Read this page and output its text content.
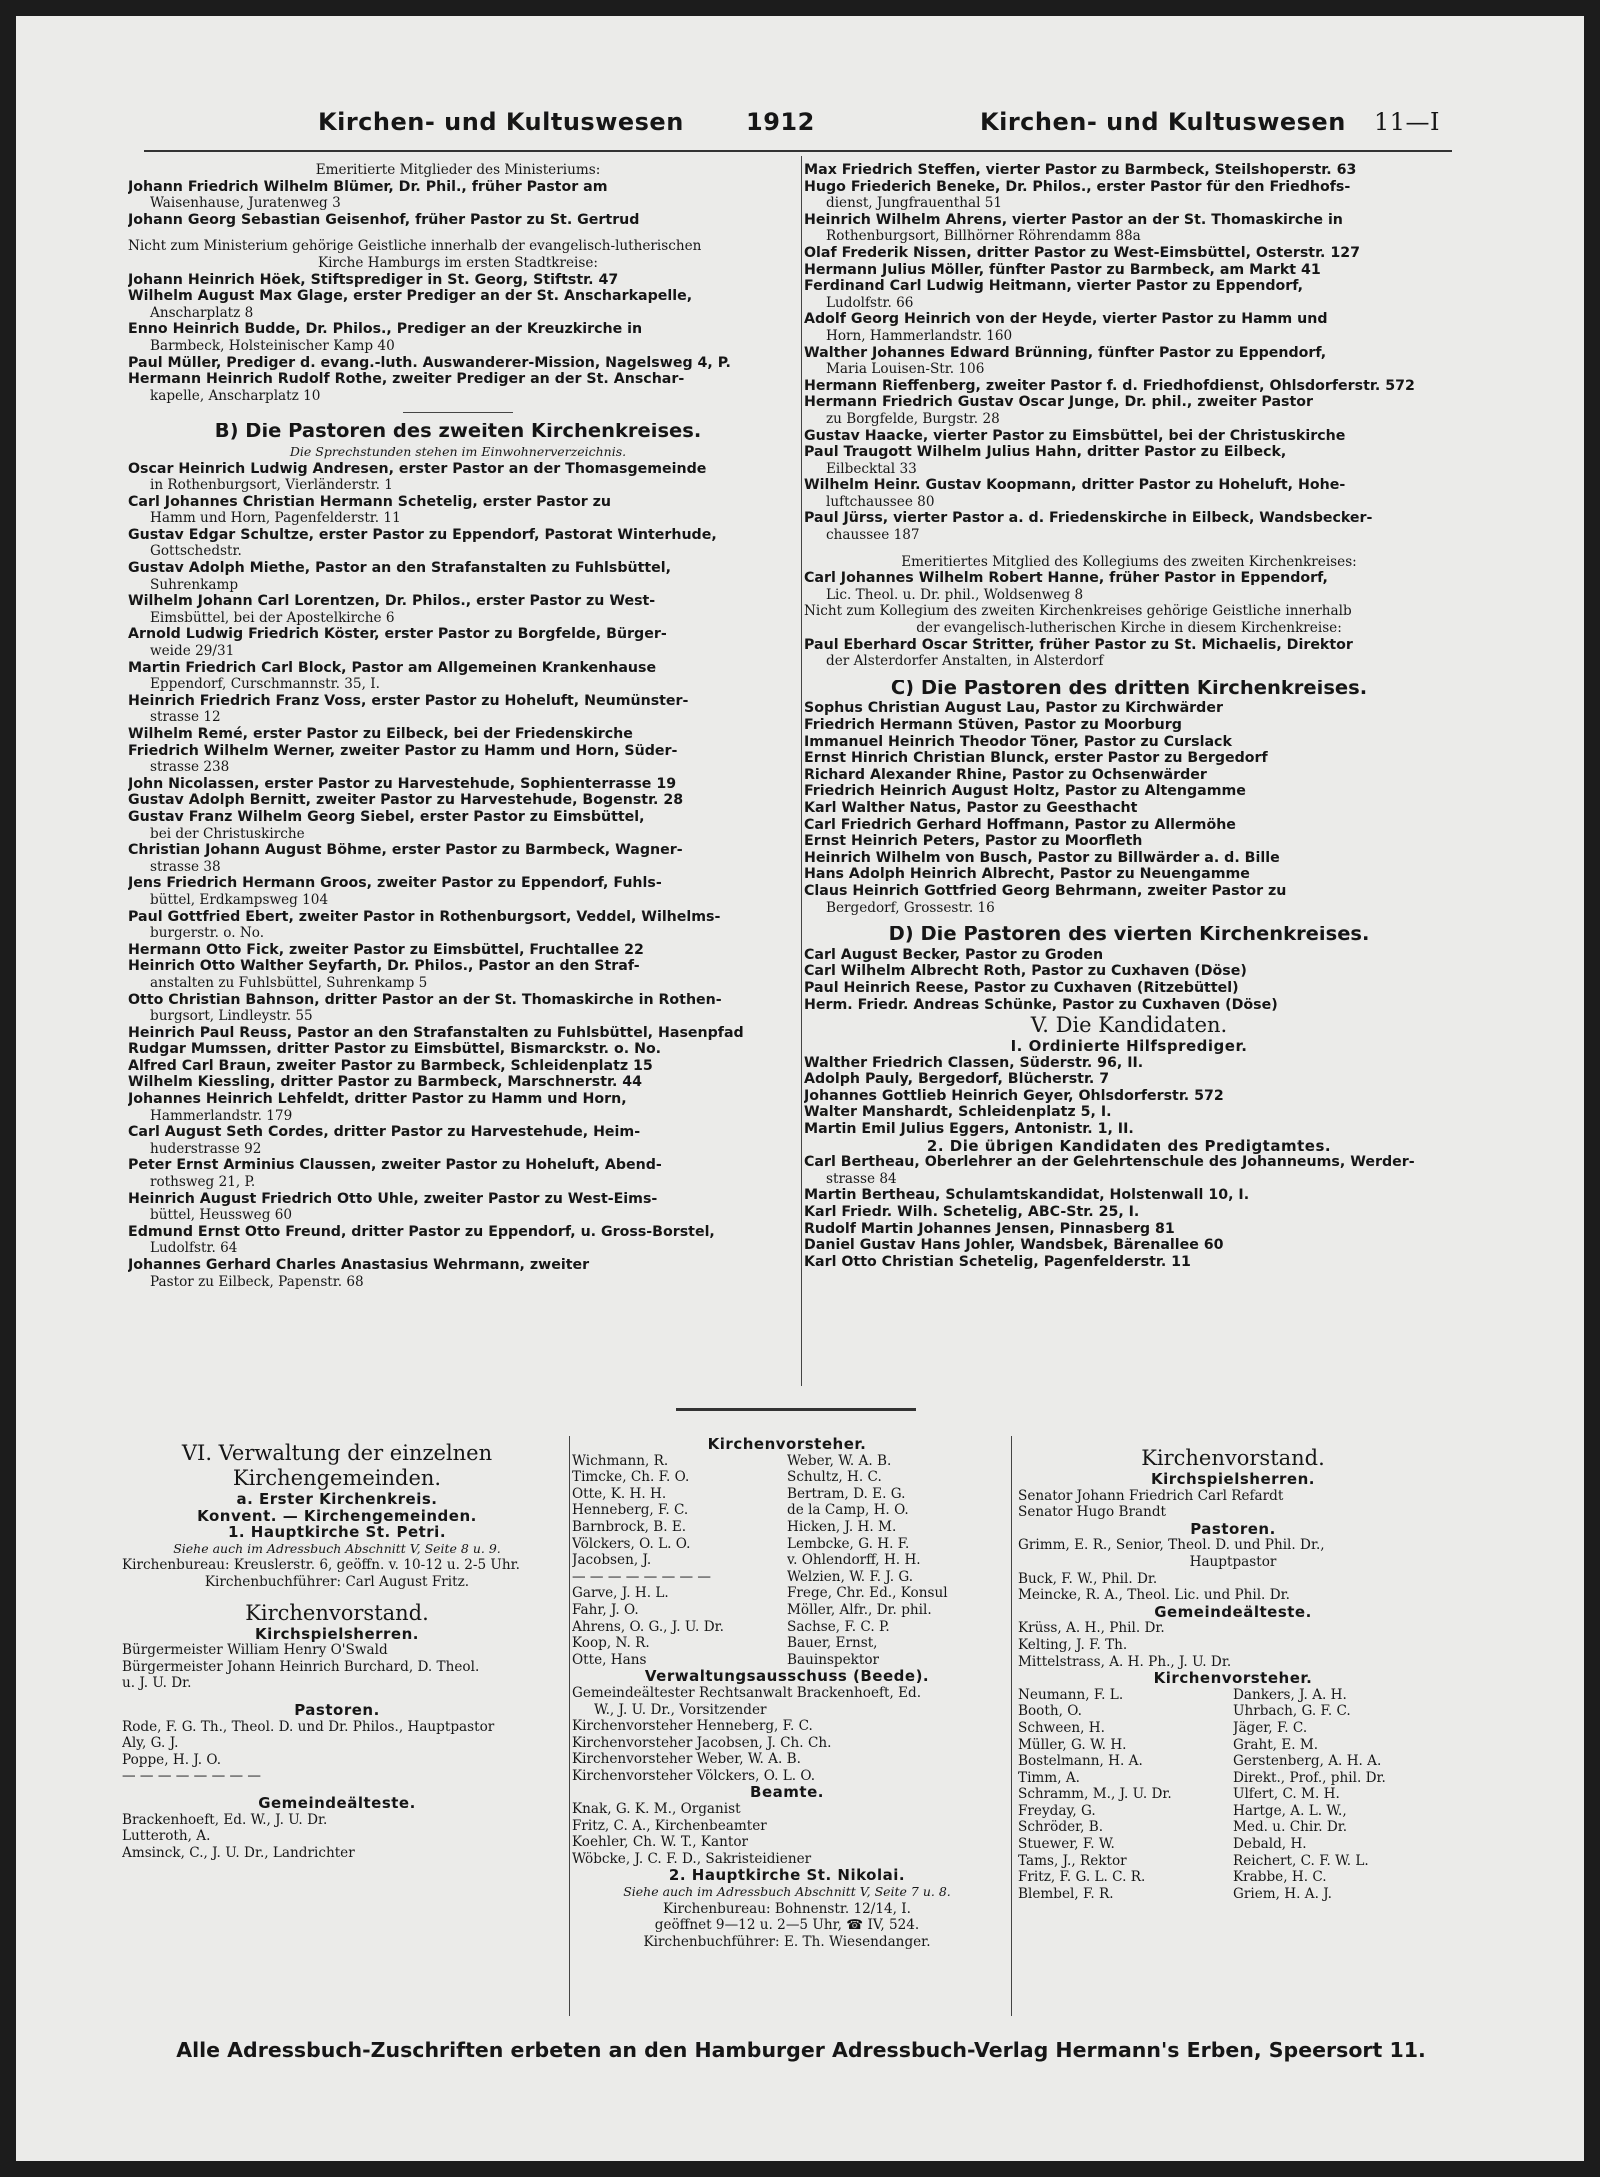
Kirchen- und Kultuswesen	1912	Kirchen- und Kultuswesen 11—I
Emeritierte Mitglieder des Ministeriums:
Johann Friedrich Wilhelm Blümer, Dr. Phil., früher Pastor am
Waisenhause, Juratenweg 3
Johann Georg Sebastian Geisenhof, früher Pastor zu St. Gertrud
Nicht zum Ministerium gehörige Geistliche innerhalb der evangelisch-lutherischen
Kirche Hamburgs im ersten Stadtkreise:
Johann Heinrich Höek, Stiftsprediger in St. Georg, Stiftstr. 47
Wilhelm August Max Glage, erster Prediger an der St. Anscharkapelle,
Anscharplatz 8
Enno Heinrich Budde, Dr. Philos., Prediger an der Kreuzkirche in
Barmbeck, Holsteinischer Kamp 40
Paul Müller, Prediger d. evang.-luth. Auswanderer-Mission, Nagelsweg 4, P.
Hermann Heinrich Rudolf Rothe, zweiter Prediger an der St. Anschar-
kapelle, Anscharplatz 10
B) Die Pastoren des zweiten Kirchenkreises.
Die Sprechstunden stehen im Einwohnerverzeichnis.
Oscar Heinrich Ludwig Andresen, erster Pastor an der Thomasgemeinde
in Rothenburgsort, Vierländerstr. 1
Carl Johannes Christian Hermann Schetelig, erster Pastor zu
Hamm und Horn, Pagenfelderstr. 11
Gustav Edgar Schultze, erster Pastor zu Eppendorf, Pastorat Winterhude,
Gottschedstr.
Gustav Adolph Miethe, Pastor an den Strafanstalten zu Fuhlsbüttel,
Suhrenkamp
Wilhelm Johann Carl Lorentzen, Dr. Philos., erster Pastor zu West-
Eimsbüttel, bei der Apostelkirche 6
Arnold Ludwig Friedrich Köster, erster Pastor zu Borgfelde, Bürger-
weide 29/31
Martin Friedrich Carl Block, Pastor am Allgemeinen Krankenhause
Eppendorf, Curschmannstr. 35, I.
Heinrich Friedrich Franz Voss, erster Pastor zu Hoheluft, Neumünster-
strasse 12
Wilhelm Remé, erster Pastor zu Eilbeck, bei der Friedenskirche
Friedrich Wilhelm Werner, zweiter Pastor zu Hamm und Horn, Süder-
strasse 238
John Nicolassen, erster Pastor zu Harvestehude, Sophienterrasse 19
Gustav Adolph Bernitt, zweiter Pastor zu Harvestehude, Bogenstr. 28
Gustav Franz Wilhelm Georg Siebel, erster Pastor zu Eimsbüttel,
bei der Christuskirche
Christian Johann August Böhme, erster Pastor zu Barmbeck, Wagner-
strasse 38
Jens Friedrich Hermann Groos, zweiter Pastor zu Eppendorf, Fuhls-
büttel, Erdkampsweg 104
Paul Gottfried Ebert, zweiter Pastor in Rothenburgsort, Veddel, Wilhelms-
burgerstr. o. No.
Hermann Otto Fick, zweiter Pastor zu Eimsbüttel, Fruchtallee 22
Heinrich Otto Walther Seyfarth, Dr. Philos., Pastor an den Straf-
anstalten zu Fuhlsbüttel, Suhrenkamp 5
Otto Christian Bahnson, dritter Pastor an der St. Thomaskirche in Rothen-
burgsort, Lindleystr. 55
Heinrich Paul Reuss, Pastor an den Strafanstalten zu Fuhlsbüttel, Hasenpfad
Rudgar Mumssen, dritter Pastor zu Eimsbüttel, Bismarckstr. o. No.
Alfred Carl Braun, zweiter Pastor zu Barmbeck, Schleidenplatz 15
Wilhelm Kiessling, dritter Pastor zu Barmbeck, Marschnerstr. 44
Johannes Heinrich Lehfeldt, dritter Pastor zu Hamm und Horn,
Hammerlandstr. 179
Carl August Seth Cordes, dritter Pastor zu Harvestehude, Heim-
huderstrasse 92
Peter Ernst Arminius Claussen, zweiter Pastor zu Hoheluft, Abend-
rothsweg 21, P.
Heinrich August Friedrich Otto Uhle, zweiter Pastor zu West-Eims-
büttel, Heussweg 60
Edmund Ernst Otto Freund, dritter Pastor zu Eppendorf, u. Gross-Borstel,
Ludolfstr. 64
Johannes Gerhard Charles Anastasius Wehrmann, zweiter
Pastor zu Eilbeck, Papenstr. 68
Max Friedrich Steffen, vierter Pastor zu Barmbeck, Steilshoperstr. 63
Hugo Friederich Beneke, Dr. Philos., erster Pastor für den Friedhofs-
dienst, Jungfrauenthal 51
Heinrich Wilhelm Ahrens, vierter Pastor an der St. Thomaskirche in
Rothenburgsort, Billhörner Röhrendamm 88a
Olaf Frederik Nissen, dritter Pastor zu West-Eimsbüttel, Osterstr. 127
Hermann Julius Möller, fünfter Pastor zu Barmbeck, am Markt 41
Ferdinand Carl Ludwig Heitmann, vierter Pastor zu Eppendorf,
Ludolfstr. 66
Adolf Georg Heinrich von der Heyde, vierter Pastor zu Hamm und
Horn, Hammerlandstr. 160
Walther Johannes Edward Brünning, fünfter Pastor zu Eppendorf,
Maria Louisen-Str. 106
Hermann Rieffenberg, zweiter Pastor f. d. Friedhofdienst, Ohlsdorferstr. 572
Hermann Friedrich Gustav Oscar Junge, Dr. phil., zweiter Pastor
zu Borgfelde, Burgstr. 28
Gustav Haacke, vierter Pastor zu Eimsbüttel, bei der Christuskirche
Paul Traugott Wilhelm Julius Hahn, dritter Pastor zu Eilbeck,
Eilbecktal 33
Wilhelm Heinr. Gustav Koopmann, dritter Pastor zu Hoheluft, Hohe-
luftchaussee 80
Paul Jürss, vierter Pastor a. d. Friedenskirche in Eilbeck, Wandsbecker-
chaussee 187
Emeritiertes Mitglied des Kollegiums des zweiten Kirchenkreises:
Carl Johannes Wilhelm Robert Hanne, früher Pastor in Eppendorf,
Lic. Theol. u. Dr. phil., Woldsenweg 8
Nicht zum Kollegium des zweiten Kirchenkreises gehörige Geistliche innerhalb
der evangelisch-lutherischen Kirche in diesem Kirchenkreise:
Paul Eberhard Oscar Stritter, früher Pastor zu St. Michaelis, Direktor
der Alsterdorfer Anstalten, in Alsterdorf
C) Die Pastoren des dritten Kirchenkreises.
Sophus Christian August Lau, Pastor zu Kirchwärder
Friedrich Hermann Stüven, Pastor zu Moorburg
Immanuel Heinrich Theodor Töner, Pastor zu Curslack
Ernst Hinrich Christian Blunck, erster Pastor zu Bergedorf
Richard Alexander Rhine, Pastor zu Ochsenwärder
Friedrich Heinrich August Holtz, Pastor zu Altengamme
Karl Walther Natus, Pastor zu Geesthacht
Carl Friedrich Gerhard Hoffmann, Pastor zu Allermöhe
Ernst Heinrich Peters, Pastor zu Moorfleth
Heinrich Wilhelm von Busch, Pastor zu Billwärder a. d. Bille
Hans Adolph Heinrich Albrecht, Pastor zu Neuengamme
Claus Heinrich Gottfried Georg Behrmann, zweiter Pastor zu
Bergedorf, Grossestr. 16
D) Die Pastoren des vierten Kirchenkreises.
Carl August Becker, Pastor zu Groden
Carl Wilhelm Albrecht Roth, Pastor zu Cuxhaven (Döse)
Paul Heinrich Reese, Pastor zu Cuxhaven (Ritzebüttel)
Herm. Friedr. Andreas Schünke, Pastor zu Cuxhaven (Döse)
V. Die Kandidaten.
I. Ordinierte Hilfsprediger.
Walther Friedrich Classen, Süderstr. 96, II.
Adolph Pauly, Bergedorf, Blücherstr. 7
Johannes Gottlieb Heinrich Geyer, Ohlsdorferstr. 572
Walter Manshardt, Schleidenplatz 5, I.
Martin Emil Julius Eggers, Antonistr. 1, II.
2. Die übrigen Kandidaten des Predigtamtes.
Carl Bertheau, Oberlehrer an der Gelehrtenschule des Johanneums, Werder-
strasse 84
Martin Bertheau, Schulamtskandidat, Holstenwall 10, I.
Karl Friedr. Wilh. Schetelig, ABC-Str. 25, I.
Rudolf Martin Johannes Jensen, Pinnasberg 81
Daniel Gustav Hans Johler, Wandsbek, Bärenallee 60
Karl Otto Christian Schetelig, Pagenfelderstr. 11
VI. Verwaltung der einzelnen
Kirchengemeinden.
a. Erster Kirchenkreis.
Konvent. — Kirchengemeinden.
1. Hauptkirche St. Petri.
Siehe auch im Adressbuch Abschnitt V, Seite 8 u. 9.
Kirchenbureau: Kreuslerstr. 6, geöffn. v. 10-12 u. 2-5 Uhr.
Kirchenbuchführer: Carl August Fritz.
Kirchenvorstand.
Kirchspielsherren.
Bürgermeister William Henry O'Swald
Bürgermeister Johann Heinrich Burchard, D. Theol.
u. J. U. Dr.
Pastoren.
Rode, F. G. Th., Theol. D. und Dr. Philos., Hauptpastor
Aly, G. J.
Poppe, H. J. O.
— — — — — — — —
Gemeindeälteste.
Brackenhoeft, Ed. W., J. U. Dr.
Lutteroth, A.
Amsinck, C., J. U. Dr., Landrichter
Kirchenvorsteher.
Wichmann, R.	Weber, W. A. B.
Timcke, Ch. F. O.	Schultz, H. C.
Otte, K. H. H.	Bertram, D. E. G.
Henneberg, F. C.	de la Camp, H. O.
Barnbrock, B. E.	Hicken, J. H. M.
Völckers, O. L. O.	Lembcke, G. H. F.
Jacobsen, J.	v. Ohlendorff, H. H.
— — — — — — — —	Welzien, W. F. J. G.
Garve, J. H. L.	Frege, Chr. Ed., Konsul
Fahr, J. O.	Möller, Alfr., Dr. phil.
Ahrens, O. G., J. U. Dr.	Sachse, F. C. P.
Koop, N. R.	Bauer, Ernst,
Otte, Hans	Bauinspektor
Verwaltungsausschuss (Beede).
Gemeindeältester Rechtsanwalt Brackenhoeft, Ed.
W., J. U. Dr., Vorsitzender
Kirchenvorsteher Henneberg, F. C.
Kirchenvorsteher Jacobsen, J. Ch. Ch.
Kirchenvorsteher Weber, W. A. B.
Kirchenvorsteher Völckers, O. L. O.
Beamte.
Knak, G. K. M., Organist
Fritz, C. A., Kirchenbeamter
Koehler, Ch. W. T., Kantor
Wöbcke, J. C. F. D., Sakristeidiener
2. Hauptkirche St. Nikolai.
Siehe auch im Adressbuch Abschnitt V, Seite 7 u. 8.
Kirchenbureau: Bohnenstr. 12/14, I.
geöffnet 9—12 u. 2—5 Uhr, ☎ IV, 524.
Kirchenbuchführer: E. Th. Wiesendanger.
Kirchenvorstand.
Kirchspielsherren.
Senator Johann Friedrich Carl Refardt
Senator Hugo Brandt
Pastoren.
Grimm, E. R., Senior, Theol. D. und Phil. Dr.,
Hauptpastor
Buck, F. W., Phil. Dr.
Meincke, R. A., Theol. Lic. und Phil. Dr.
Gemeindeälteste.
Krüss, A. H., Phil. Dr.
Kelting, J. F. Th.
Mittelstrass, A. H. Ph., J. U. Dr.
Kirchenvorsteher.
Neumann, F. L.	Dankers, J. A. H.
Booth, O.	Uhrbach, G. F. C.
Schween, H.	Jäger, F. C.
Müller, G. W. H.	Graht, E. M.
Bostelmann, H. A.	Gerstenberg, A. H. A.
Timm, A.	Direkt., Prof., phil. Dr.
Schramm, M., J. U. Dr.	Ulfert, C. M. H.
Freyday, G.	Hartge, A. L. W.,
Schröder, B.	Med. u. Chir. Dr.
Stuewer, F. W.	Debald, H.
Tams, J., Rektor	Reichert, C. F. W. L.
Fritz, F. G. L. C. R.	Krabbe, H. C.
Blembel, F. R.	Griem, H. A. J.
Alle Adressbuch-Zuschriften erbeten an den Hamburger Adressbuch-Verlag Hermann's Erben, Speersort 11.
